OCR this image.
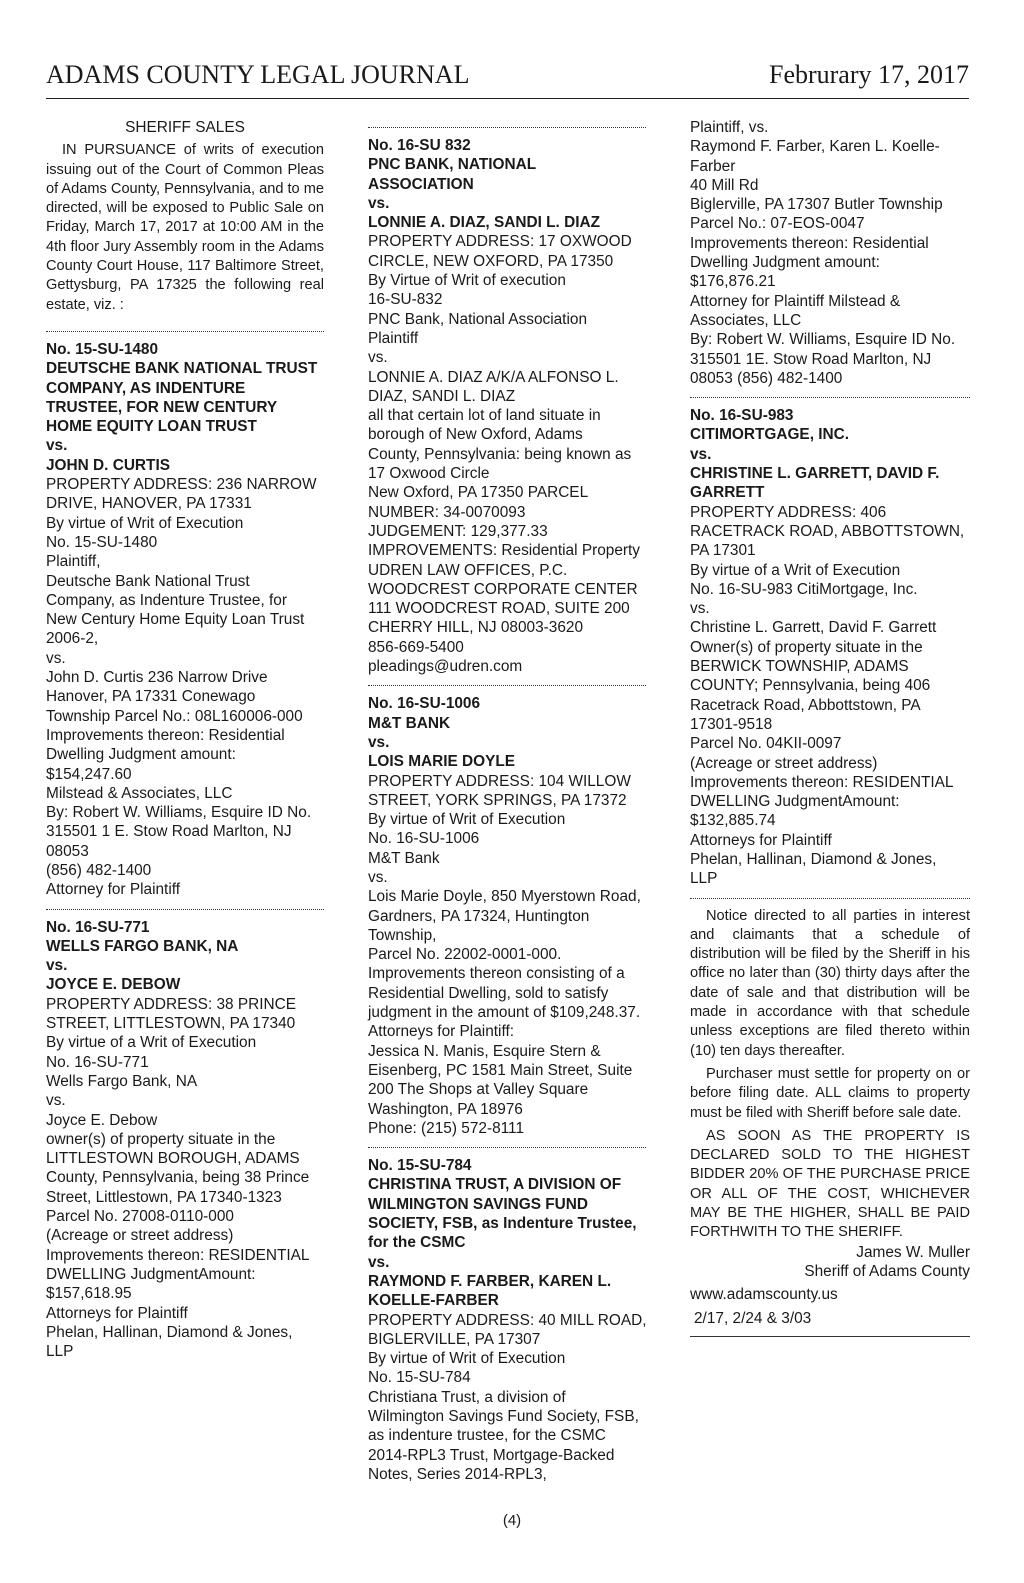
ADAMS COUNTY LEGAL JOURNAL	Februrary 17, 2017
SHERIFF SALES
IN PURSUANCE of writs of execution issuing out of the Court of Common Pleas of Adams County, Pennsylvania, and to me directed, will be exposed to Public Sale on Friday, March 17, 2017 at 10:00 AM in the 4th floor Jury Assembly room in the Adams County Court House, 117 Baltimore Street, Gettysburg, PA 17325 the following real estate, viz. :
No. 15-SU-1480
DEUTSCHE BANK NATIONAL TRUST
COMPANY, AS INDENTURE
TRUSTEE, FOR NEW CENTURY
HOME EQUITY LOAN TRUST
vs.
JOHN D. CURTIS
PROPERTY ADDRESS: 236 NARROW
DRIVE, HANOVER, PA 17331
By virtue of Writ of Execution
No. 15-SU-1480
Plaintiff,
Deutsche Bank National Trust
Company, as Indenture Trustee, for
New Century Home Equity Loan Trust
2006-2,
vs.
John D. Curtis 236 Narrow Drive
Hanover, PA 17331 Conewago
Township Parcel No.: 08L160006-000
Improvements thereon: Residential
Dwelling Judgment amount:
$154,247.60
Milstead & Associates, LLC
By: Robert W. Williams, Esquire ID No.
315501 1 E. Stow Road Marlton, NJ
08053
(856) 482-1400
Attorney for Plaintiff
No. 16-SU-771
WELLS FARGO BANK, NA
vs.
JOYCE E. DEBOW
PROPERTY ADDRESS: 38 PRINCE
STREET, LITTLESTOWN, PA 17340
By virtue of a Writ of Execution
No. 16-SU-771
Wells Fargo Bank, NA
vs.
Joyce E. Debow
owner(s) of property situate in the
LITTLESTOWN BOROUGH, ADAMS
County, Pennsylvania, being 38 Prince
Street, Littlestown, PA 17340-1323
Parcel No. 27008-0110-000
(Acreage or street address)
Improvements thereon: RESIDENTIAL
DWELLING JudgmentAmount:
$157,618.95
Attorneys for Plaintiff
Phelan, Hallinan, Diamond & Jones,
LLP
No. 16-SU 832
PNC BANK, NATIONAL
ASSOCIATION
vs.
LONNIE A. DIAZ, SANDI L. DIAZ
PROPERTY ADDRESS: 17 OXWOOD
CIRCLE, NEW OXFORD, PA 17350
By Virtue of Writ of execution
16-SU-832
PNC Bank, National Association
Plaintiff
vs.
LONNIE A. DIAZ A/K/A ALFONSO L.
DIAZ, SANDI L. DIAZ
all that certain lot of land situate in
borough of New Oxford, Adams
County, Pennsylvania: being known as
17 Oxwood Circle
New Oxford, PA 17350 PARCEL
NUMBER: 34-0070093
JUDGEMENT: 129,377.33
IMPROVEMENTS: Residential Property
UDREN LAW OFFICES, P.C.
WOODCREST CORPORATE CENTER
111 WOODCREST ROAD, SUITE 200
CHERRY HILL, NJ 08003-3620
856-669-5400
pleadings@udren.com
No. 16-SU-1006
M&T BANK
vs.
LOIS MARIE DOYLE
PROPERTY ADDRESS: 104 WILLOW
STREET, YORK SPRINGS, PA 17372
By virtue of Writ of Execution
No. 16-SU-1006
M&T Bank
vs.
Lois Marie Doyle, 850 Myerstown Road,
Gardners, PA 17324, Huntington
Township,
Parcel No. 22002-0001-000.
Improvements thereon consisting of a
Residential Dwelling, sold to satisfy
judgment in the amount of $109,248.37.
Attorneys for Plaintiff:
Jessica N. Manis, Esquire Stern &
Eisenberg, PC 1581 Main Street, Suite
200 The Shops at Valley Square
Washington, PA 18976
Phone: (215) 572-8111
No. 15-SU-784
CHRISTINA TRUST, A DIVISION OF
WILMINGTON SAVINGS FUND
SOCIETY, FSB, as Indenture Trustee,
for the CSMC
vs.
RAYMOND F. FARBER, KAREN L.
KOELLE-FARBER
PROPERTY ADDRESS: 40 MILL ROAD,
BIGLERVILLE, PA 17307
By virtue of Writ of Execution
No. 15-SU-784
Christiana Trust, a division of
Wilmington Savings Fund Society, FSB,
as indenture trustee, for the CSMC
2014-RPL3 Trust, Mortgage-Backed
Notes, Series 2014-RPL3,
Plaintiff, vs.
Raymond F. Farber, Karen L. Koelle-
Farber
40 Mill Rd
Biglerville, PA 17307 Butler Township
Parcel No.: 07-EOS-0047
Improvements thereon: Residential
Dwelling Judgment amount:
$176,876.21
Attorney for Plaintiff Milstead &
Associates, LLC
By: Robert W. Williams, Esquire ID No.
315501 1E. Stow Road Marlton, NJ
08053 (856) 482-1400
No. 16-SU-983
CITIMORTGAGE, INC.
vs.
CHRISTINE L. GARRETT, DAVID F.
GARRETT
PROPERTY ADDRESS: 406
RACETRACK ROAD, ABBOTTSTOWN,
PA 17301
By virtue of a Writ of Execution
No. 16-SU-983 CitiMortgage, Inc.
vs.
Christine L. Garrett, David F. Garrett
Owner(s) of property situate in the
BERWICK TOWNSHIP, ADAMS
COUNTY; Pennsylvania, being 406
Racetrack Road, Abbottstown, PA
17301-9518
Parcel No. 04KII-0097
(Acreage or street address)
Improvements thereon: RESIDENTIAL
DWELLING JudgmentAmount:
$132,885.74
Attorneys for Plaintiff
Phelan, Hallinan, Diamond & Jones,
LLP
Notice directed to all parties in interest and claimants that a schedule of distribution will be filed by the Sheriff in his office no later than (30) thirty days after the date of sale and that distribution will be made in accordance with that schedule unless exceptions are filed thereto within (10) ten days thereafter.
Purchaser must settle for property on or before filing date. ALL claims to property must be filed with Sheriff before sale date.
AS SOON AS THE PROPERTY IS DECLARED SOLD TO THE HIGHEST BIDDER 20% OF THE PURCHASE PRICE OR ALL OF THE COST, WHICHEVER MAY BE THE HIGHER, SHALL BE PAID FORTHWITH TO THE SHERIFF.
James W. Muller
Sheriff of Adams County
www.adamscounty.us
2/17, 2/24 & 3/03
(4)
